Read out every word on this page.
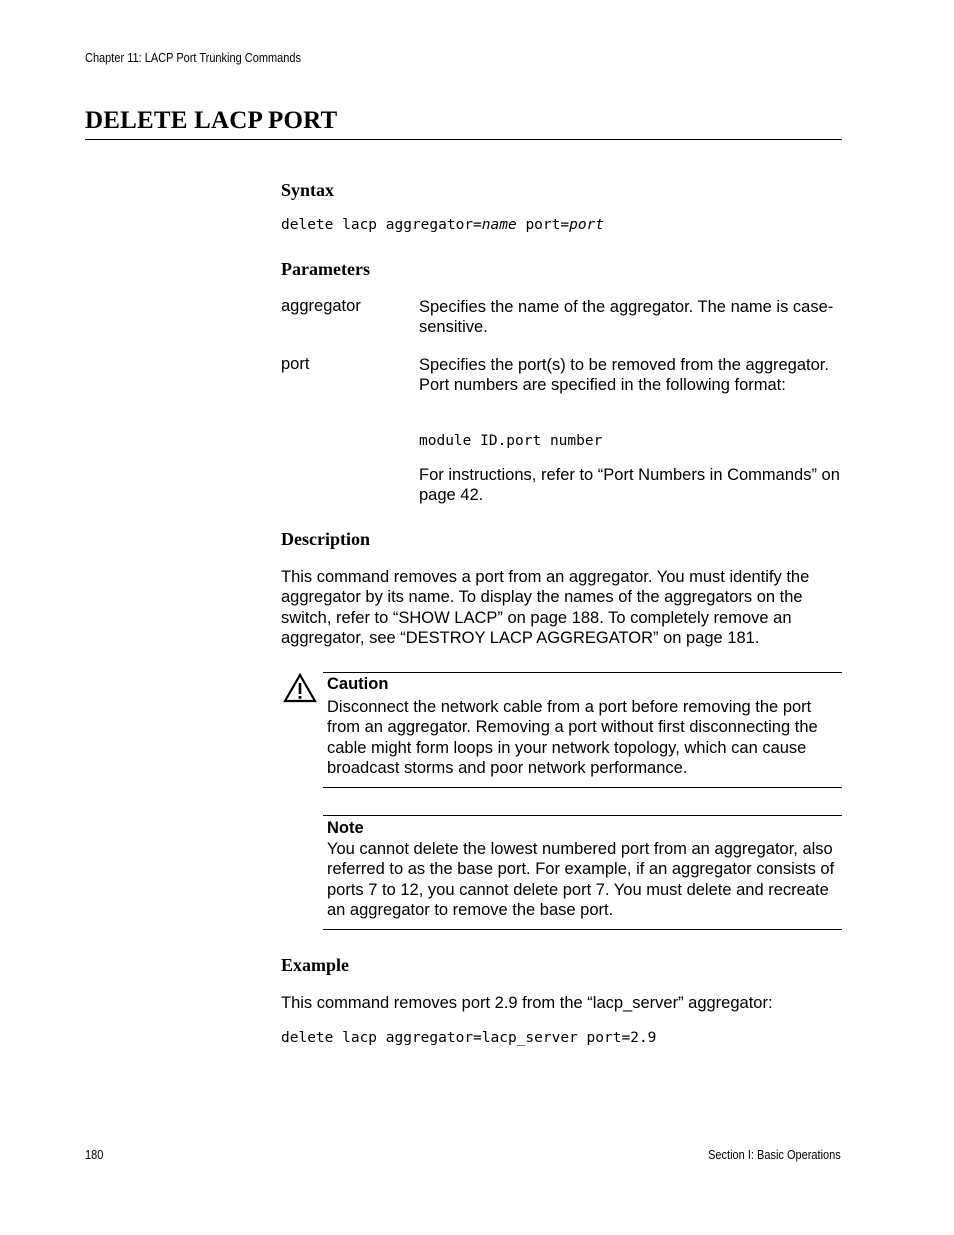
Chapter 11: LACP Port Trunking Commands
DELETE LACP PORT
Syntax
delete lacp aggregator=name port=port
Parameters
aggregator	Specifies the name of the aggregator. The name is case-sensitive.
port	Specifies the port(s) to be removed from the aggregator. Port numbers are specified in the following format:
module ID.port number
For instructions, refer to “Port Numbers in Commands” on page 42.
Description
This command removes a port from an aggregator. You must identify the aggregator by its name. To display the names of the aggregators on the switch, refer to “SHOW LACP” on page 188. To completely remove an aggregator, see “DESTROY LACP AGGREGATOR” on page 181.
Caution
Disconnect the network cable from a port before removing the port from an aggregator. Removing a port without first disconnecting the cable might form loops in your network topology, which can cause broadcast storms and poor network performance.
Note
You cannot delete the lowest numbered port from an aggregator, also referred to as the base port. For example, if an aggregator consists of ports 7 to 12, you cannot delete port 7. You must delete and recreate an aggregator to remove the base port.
Example
This command removes port 2.9 from the “lacp_server” aggregator:
delete lacp aggregator=lacp_server port=2.9
180	Section I: Basic Operations
